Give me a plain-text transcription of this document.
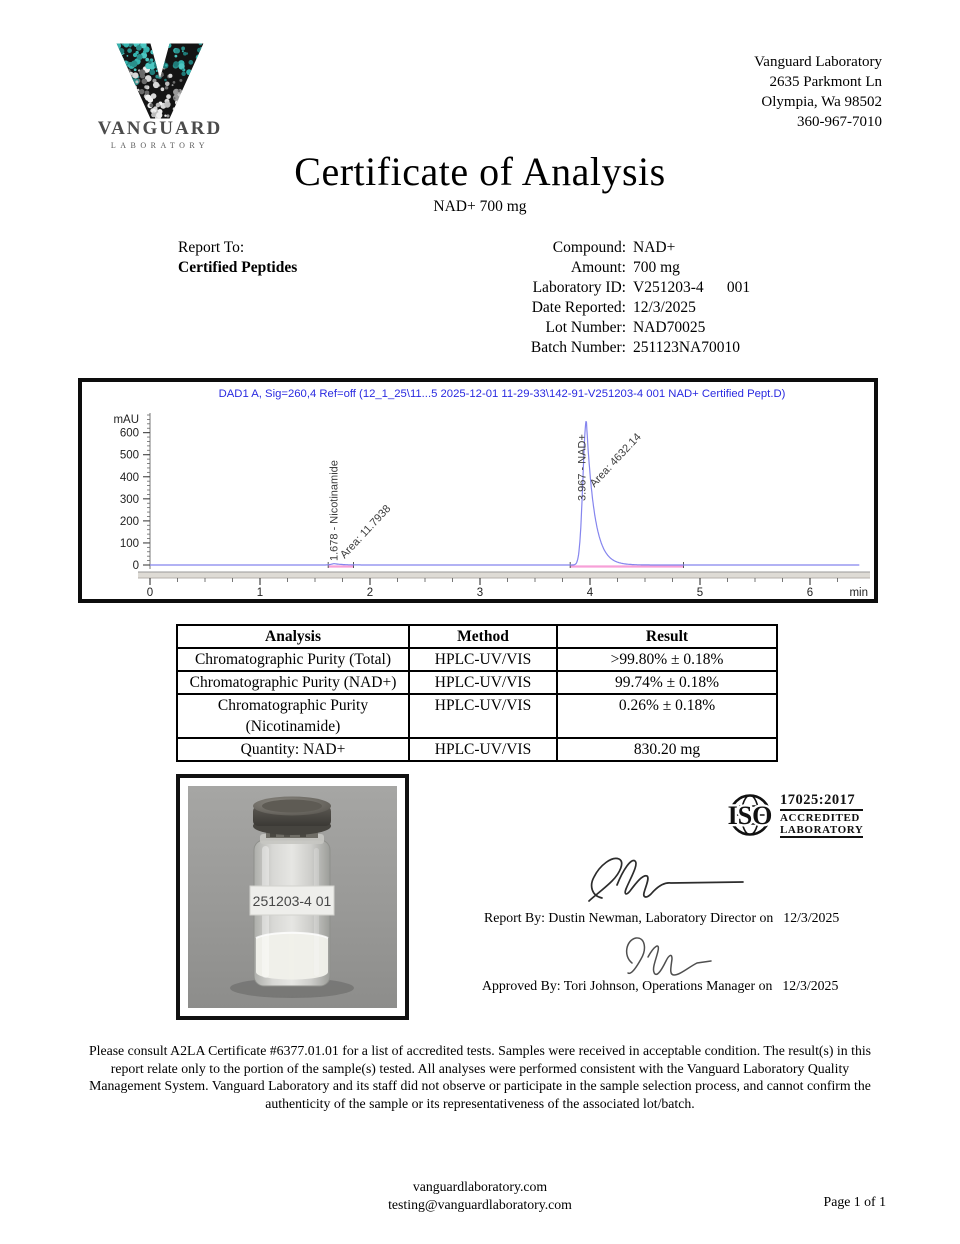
VANGUARD
LABORATORY
Vanguard Laboratory
2635 Parkmont Ln
Olympia, Wa 98502
360-967-7010
Certificate of Analysis
NAD+ 700 mg
Report To:
Certified Peptides
Compound: NAD+
Amount: 700 mg
Laboratory ID: V251203-4      001
Date Reported: 12/3/2025
Lot Number: NAD70025
Batch Number: 251123NA70010
DAD1 A, Sig=260,4 Ref=off (12_1_25\11...5 2025-12-01 11-29-33\142-91-V251203-4 001 NAD+ Certified Pept.D)
0
100
200
300
400
500
600
mAU
0	1	2	3	4	5	6	min
1.678 - Nicotinamide
Area: 11.7938
3.967 - NAD+ Area: 4632.14
Analysis	Method	Result
Chromatographic Purity (Total)	HPLC-UV/VIS	>99.80% ± 0.18%
Chromatographic Purity (NAD+)	HPLC-UV/VIS	99.74% ± 0.18%
Chromatographic Purity (Nicotinamide)	HPLC-UV/VIS	0.26% ± 0.18%
Quantity: NAD+	HPLC-UV/VIS	830.20 mg
251203-4 01
ISO
17025:2017
ACCREDITED
LABORATORY
Report By: Dustin Newman, Laboratory Director on 12/3/2025
Approved By: Tori Johnson, Operations Manager on 12/3/2025
Please consult A2LA Certificate #6377.01.01 for a list of accredited tests. Samples were received in acceptable condition. The result(s) in this report relate only to the portion of the sample(s) tested. All analyses were performed consistent with the Vanguard Laboratory Quality Management System. Vanguard Laboratory and its staff did not observe or participate in the sample selection process, and cannot confirm the authenticity of the sample or its representativeness of the associated lot/batch.
vanguardlaboratory.com
testing@vanguardlaboratory.com	Page 1 of 1
